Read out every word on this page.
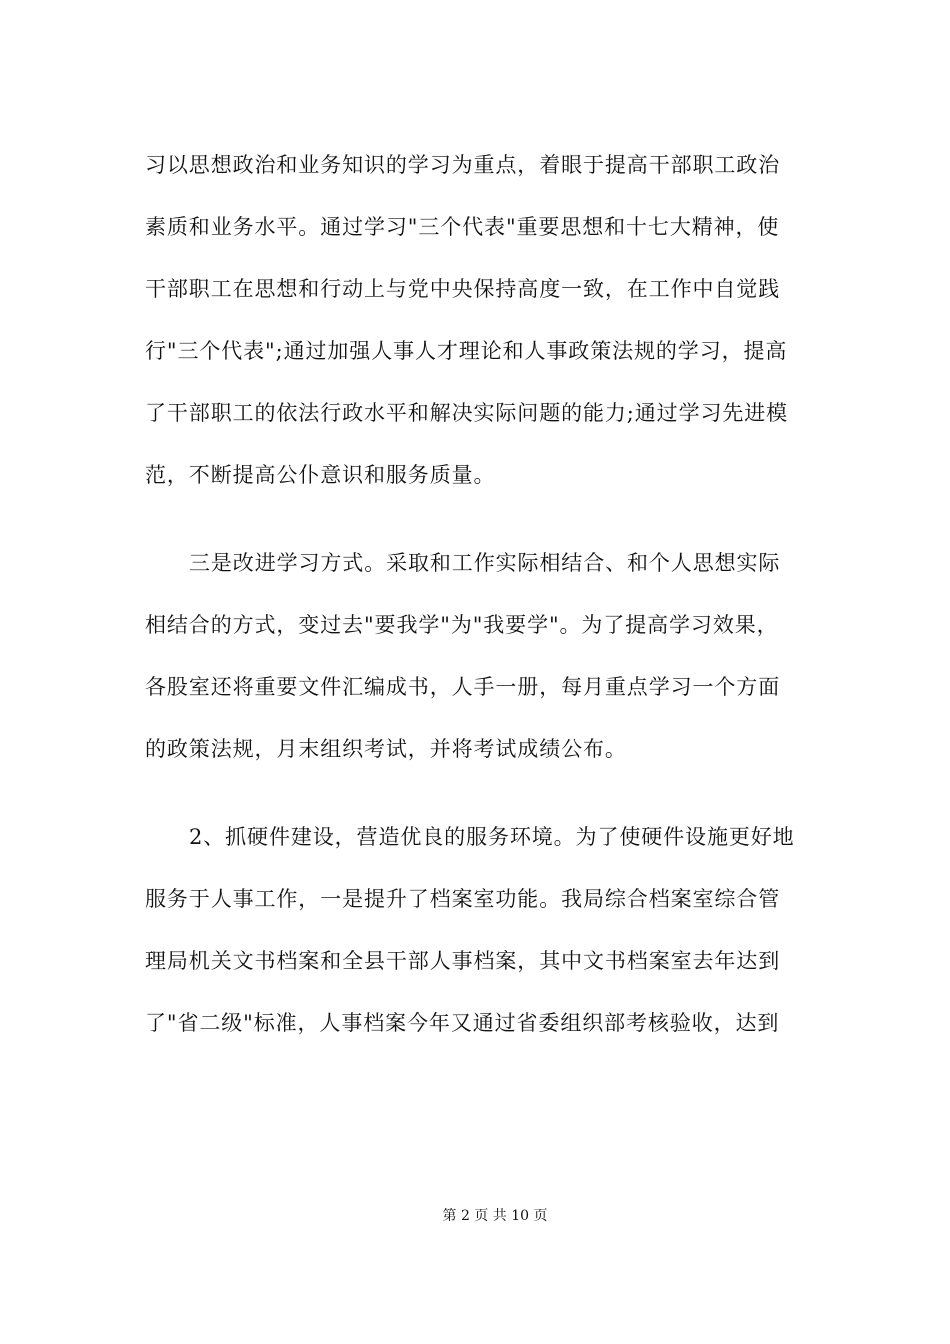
习以思想政治和业务知识的学习为重点，着眼于提高干部职工政治
素质和业务水平。通过学习"三个代表"重要思想和十七大精神，使
干部职工在思想和行动上与党中央保持高度一致，在工作中自觉践
行"三个代表";通过加强人事人才理论和人事政策法规的学习，提高
了干部职工的依法行政水平和解决实际问题的能力;通过学习先进模
范，不断提高公仆意识和服务质量。
三是改进学习方式。采取和工作实际相结合、和个人思想实际
相结合的方式，变过去"要我学"为"我要学"。为了提高学习效果，
各股室还将重要文件汇编成书，人手一册，每月重点学习一个方面
的政策法规，月末组织考试，并将考试成绩公布。
2、抓硬件建设，营造优良的服务环境。为了使硬件设施更好地
服务于人事工作，一是提升了档案室功能。我局综合档案室综合管
理局机关文书档案和全县干部人事档案，其中文书档案室去年达到
了"省二级"标准，人事档案今年又通过省委组织部考核验收，达到
第 2 页 共 10 页
